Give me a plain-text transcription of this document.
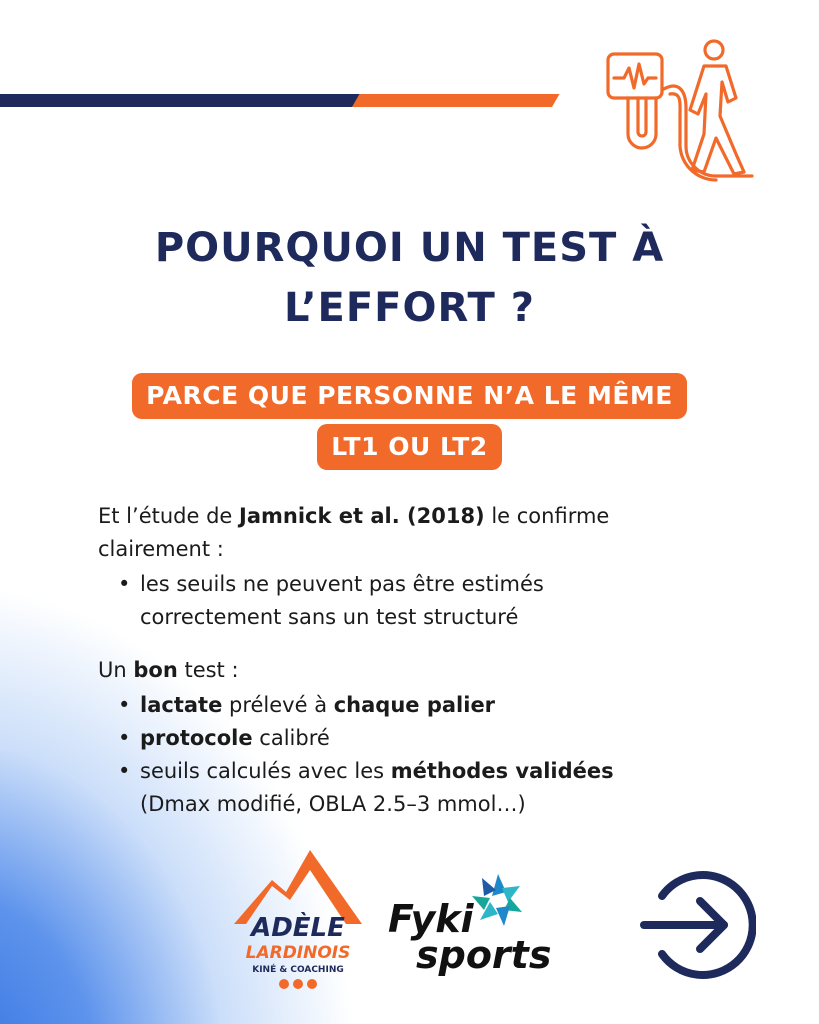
POURQUOI UN TEST À
L’EFFORT ?
PARCE QUE PERSONNE N’A LE MÊME
LT1 OU LT2

Et l’étude de Jamnick et al. (2018) le confirme
clairement :

• les seuils ne peuvent pas être estimés
correctement sans un test structuré

Un bon test :

• lactate prélevé à chaque palier
• protocole calibré
• seuils calculés avec les méthodes validées
(Dmax modifié, OBLA 2.5–3 mmol…)
ADÈLE
LARDINOIS
KINÉ & COACHING
Fyki
sports
